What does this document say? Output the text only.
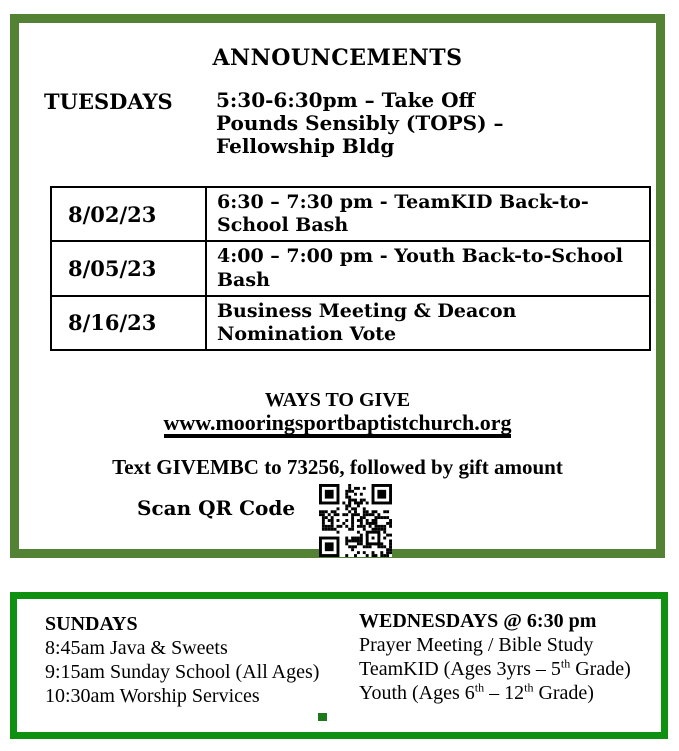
ANNOUNCEMENTS
TUESDAYS	5:30-6:30pm – Take Off Pounds Sensibly (TOPS) – Fellowship Bldg
8/02/23	6:30 – 7:30 pm - TeamKID Back-to-School Bash
8/05/23	4:00 – 7:00 pm - Youth Back-to-School Bash
8/16/23	Business Meeting & Deacon Nomination Vote
WAYS TO GIVE
www.mooringsportbaptistchurch.org
Text GIVEMBC to 73256, followed by gift amount
Scan QR Code
SUNDAYS
8:45am Java & Sweets
9:15am Sunday School (All Ages)
10:30am Worship Services
WEDNESDAYS @ 6:30 pm
Prayer Meeting / Bible Study
TeamKID (Ages 3yrs – 5th Grade)
Youth (Ages 6th – 12th Grade)
